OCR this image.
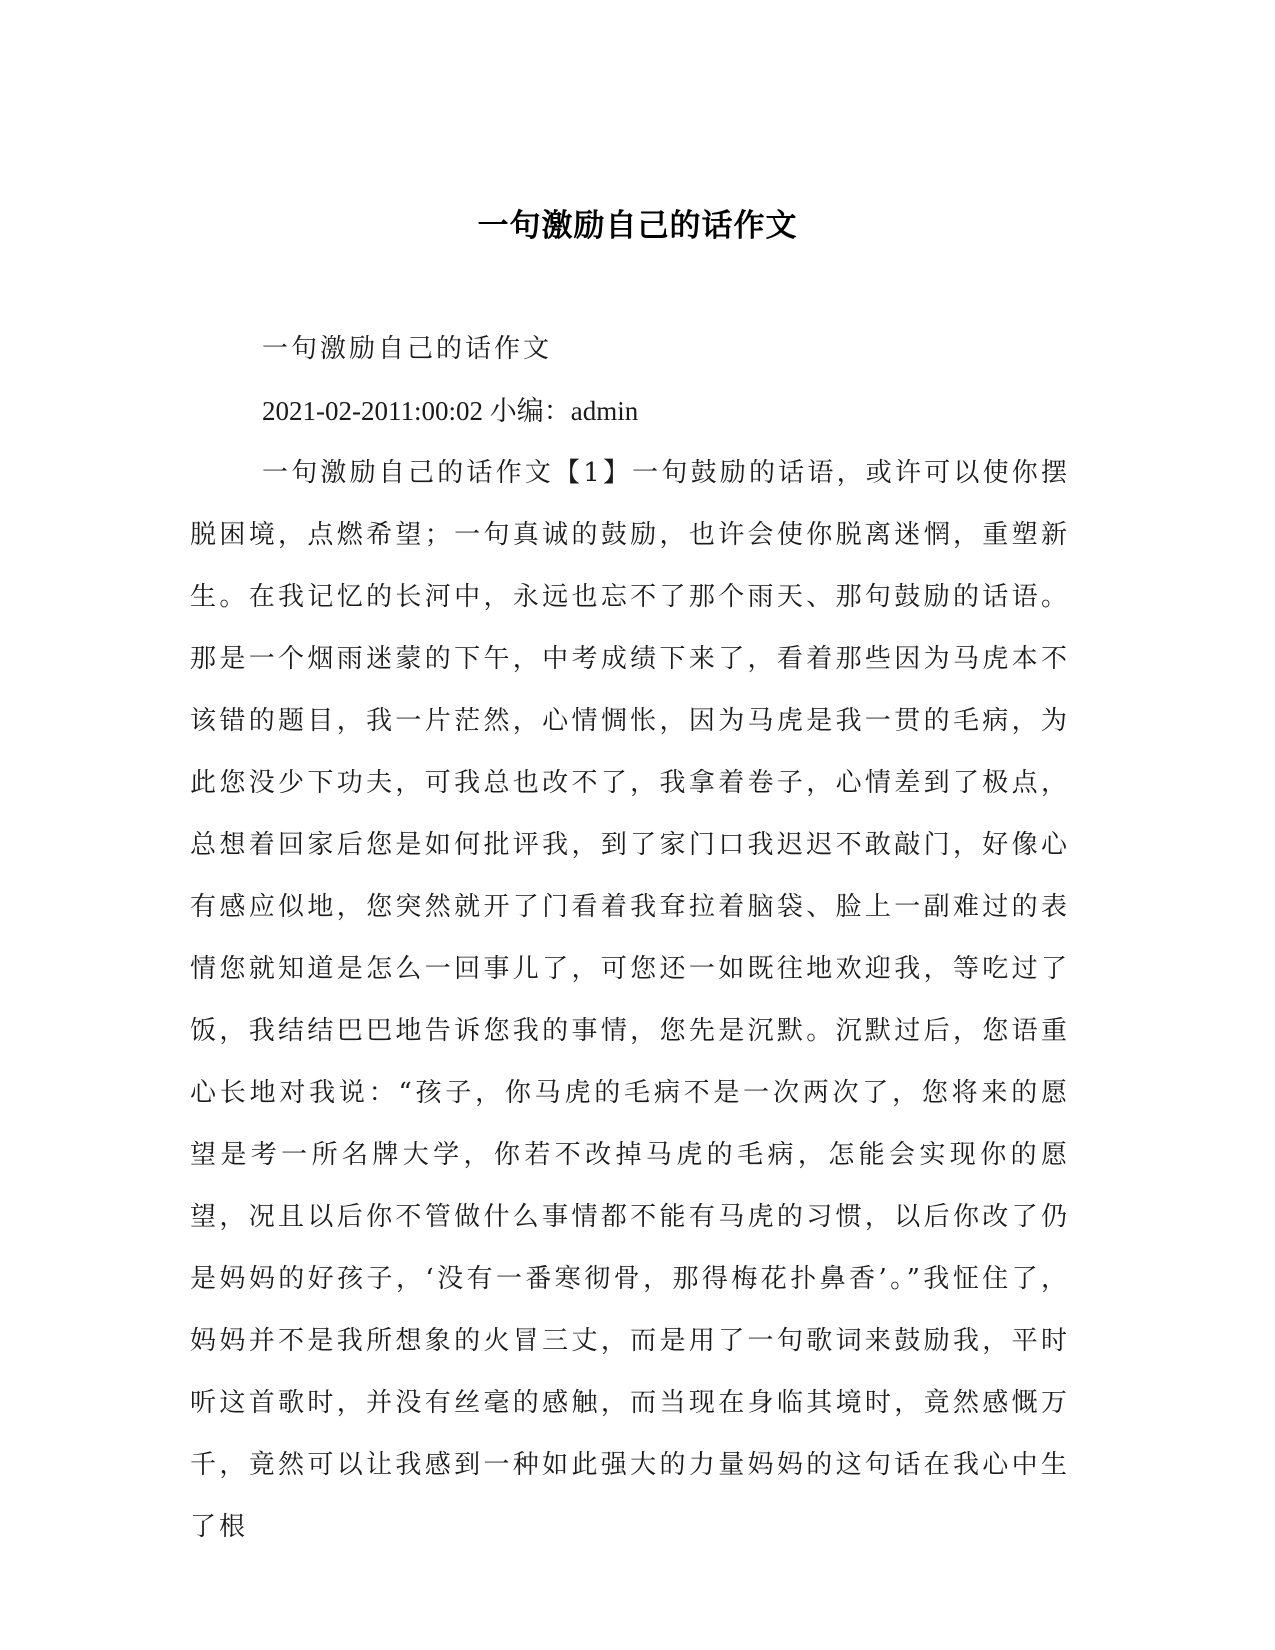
一句激励自己的话作文

一句激励自己的话作文

2021-02-2011:00:02 小编：admin

一句激励自己的话作文【1】一句鼓励的话语，或许可以使你摆脱困境，点燃希望；一句真诚的鼓励，也许会使你脱离迷惘，重塑新生。在我记忆的长河中，永远也忘不了那个雨天、那句鼓励的话语。那是一个烟雨迷蒙的下午，中考成绩下来了，看着那些因为马虎本不该错的题目，我一片茫然，心情惆怅，因为马虎是我一贯的毛病，为此您没少下功夫，可我总也改不了，我拿着卷子，心情差到了极点，总想着回家后您是如何批评我，到了家门口我迟迟不敢敲门，好像心有感应似地，您突然就开了门看着我耷拉着脑袋、脸上一副难过的表情您就知道是怎么一回事儿了，可您还一如既往地欢迎我，等吃过了饭，我结结巴巴地告诉您我的事情，您先是沉默。沉默过后，您语重心长地对我说：“孩子，你马虎的毛病不是一次两次了，您将来的愿望是考一所名牌大学，你若不改掉马虎的毛病，怎能会实现你的愿望，况且以后你不管做什么事情都不能有马虎的习惯，以后你改了仍是妈妈的好孩子，‘没有一番寒彻骨，那得梅花扑鼻香’。”我怔住了，妈妈并不是我所想象的火冒三丈，而是用了一句歌词来鼓励我，平时听这首歌时，并没有丝毫的感触，而当现在身临其境时，竟然感慨万千，竟然可以让我感到一种如此强大的力量妈妈的这句话在我心中生了根
